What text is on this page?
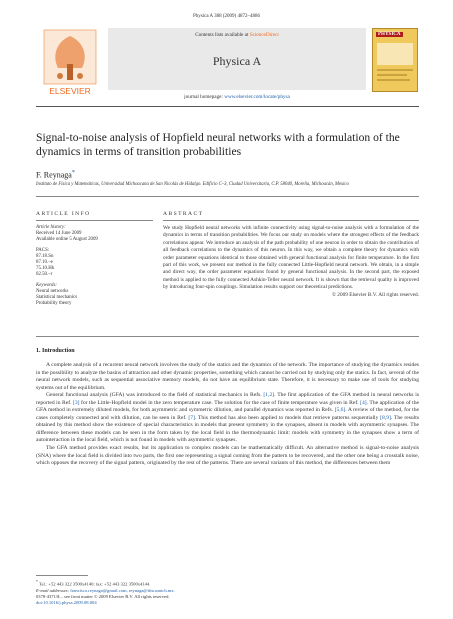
Physica A 388 (2009) 4872–4886
ELSEVIER
Contents lists available at ScienceDirect
Physica A
journal homepage: www.elsevier.com/locate/physa
PHYSICA
Signal-to-noise analysis of Hopfield neural networks with a formulation of the dynamics in terms of transition probabilities
F. Reynaga*
Instituto de Física y Matemáticas, Universidad Michoacana de San Nicolás de Hidalgo. Edificio C–3, Ciudad Universitaria, C.P. 58040, Morelia, Michoacán, Mexico
ARTICLE INFO	ABSTRACT
Article history:
Received 14 June 2009
Available online 5 August 2009
PACS:
87.18.Sn
87.10.–e
75.10.Hk
02.50.–r
Keywords:
Neural networks
Statistical mechanics
Probability theory
We study Hopfield neural networks with infinite connectivity using signal-to-noise analysis with a formulation of the dynamics in terms of transition probabilities. We focus our study on models where the strongest effects of the feedback correlations appear. We introduce an analysis of the path probability of one neuron in order to obtain the contribution of all feedback correlations to the dynamics of this neuron. In this way, we obtain a complete theory for dynamics with order parameter equations identical to those obtained with general functional analysis for finite temperature. In the first part of this work, we present our method in the fully connected Little-Hopfield neural network. We obtain, in a simple and direct way, the order parameter equations found by general functional analysis. In the second part, the exposed method is applied to the fully connected Ashkin-Teller neural network. It is shown that the retrieval quality is improved by introducing four-spin couplings. Simulation results support our theoretical predictions.
© 2009 Elsevier B.V. All rights reserved.
1. Introduction

A complete analysis of a recurrent neural network involves the study of the statics and the dynamics of the network. The importance of studying the dynamics resides in the possibility to analyze the basins of attraction and other dynamic properties, something which cannot be carried out by studying only the statics. In fact, several of the neural network models, such as sequential associative memory models, do not have an equilibrium state. Therefore, it is necessary to make use of tools for studying systems out of the equilibrium.

General functional analysis (GFA) was introduced to the field of statistical mechanics in Refs. [1,2]. The first application of the GFA method in neural networks is reported in Ref. [3] for the Little-Hopfield model in the zero temperature case. The solution for the case of finite temperature was given in Ref. [4]. The application of the GFA method in extremely diluted models, for both asymmetric and symmetric dilution, and parallel dynamics was reported in Refs. [5,6]. A review of the method, for the cases completely connected and with dilution, can be seen in Ref. [7]. This method has also been applied to models that retrieve patterns sequentially [8,9]. The results obtained by this method show the existence of special characteristics in models that present symmetry in the synapses, absent in models with asymmetric synapses. The difference between these models can be seen in the form taken by the local field in the thermodynamic limit: models with symmetry in the synapses show a term of autointeraction in the local field, which is not found in models with asymmetric synapses.

The GFA method provides exact results, but its application to complex models can be mathematically difficult. An alternative method is signal-to-noise analysis (SNA) where the local field is divided into two parts, the first one representing a signal coming from the pattern to be recovered, and the other one being a crosstalk noise, which opposes the recovery of the signal pattern, originated by the rest of the patterns. There are several variants of this method, the differences between them

* Tel.: +52 443 322 3500x4140; fax: +52 443 322 3500x4144.
E-mail addresses: francisco.reynaga@gmail.com, reynaga@ifm.umich.mx.
0378-4371/$ – see front matter © 2009 Elsevier B.V. All rights reserved.
doi:10.1016/j.physa.2009.08.004
